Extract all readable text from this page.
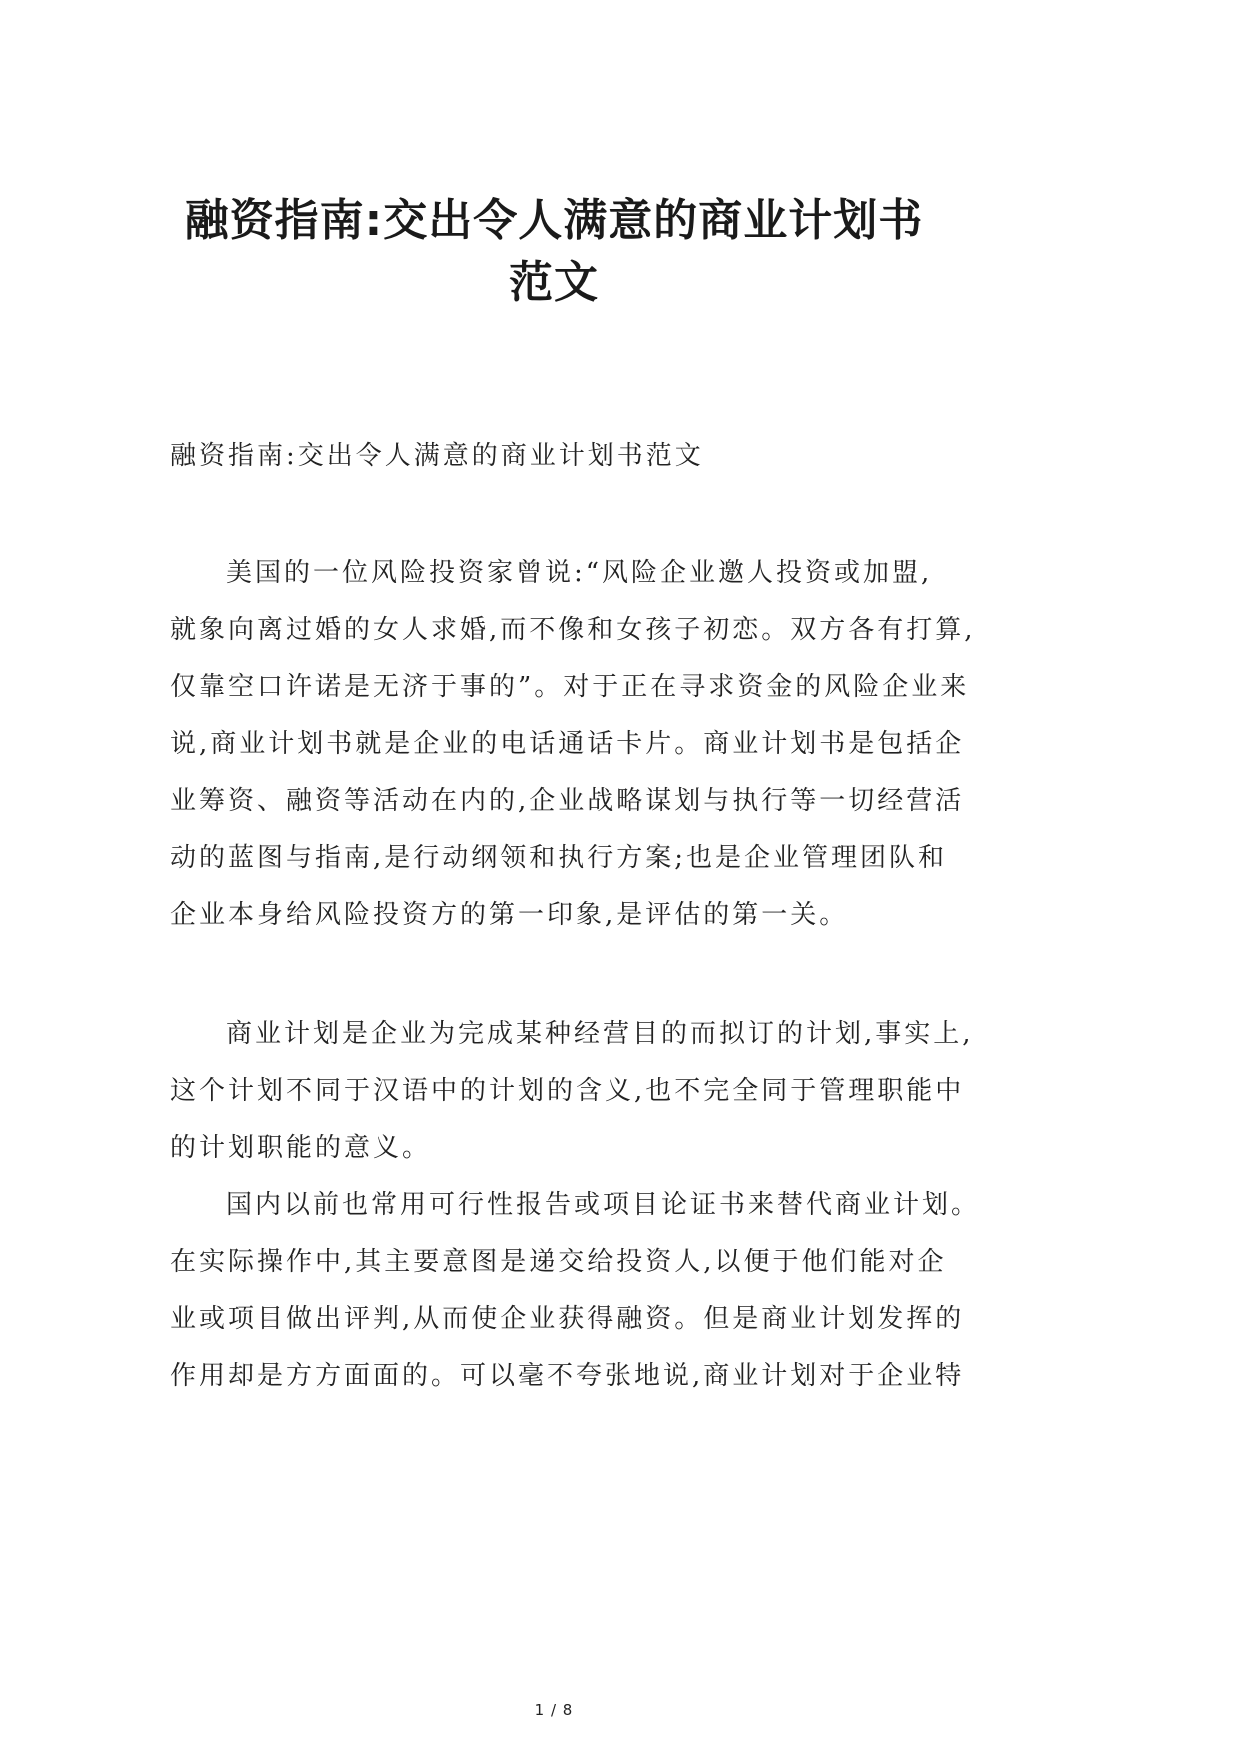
融资指南:交出令人满意的商业计划书
范文

融资指南:交出令人满意的商业计划书范文

美国的一位风险投资家曾说:“风险企业邀人投资或加盟,
就象向离过婚的女人求婚,而不像和女孩子初恋。双方各有打算,
仅靠空口许诺是无济于事的”。对于正在寻求资金的风险企业来
说,商业计划书就是企业的电话通话卡片。商业计划书是包括企
业筹资、融资等活动在内的,企业战略谋划与执行等一切经营活
动的蓝图与指南,是行动纲领和执行方案;也是企业管理团队和
企业本身给风险投资方的第一印象,是评估的第一关。
商业计划是企业为完成某种经营目的而拟订的计划,事实上,
这个计划不同于汉语中的计划的含义,也不完全同于管理职能中
的计划职能的意义。
国内以前也常用可行性报告或项目论证书来替代商业计划。
在实际操作中,其主要意图是递交给投资人,以便于他们能对企
业或项目做出评判,从而使企业获得融资。但是商业计划发挥的
作用却是方方面面的。可以毫不夸张地说,商业计划对于企业特
1 / 8
